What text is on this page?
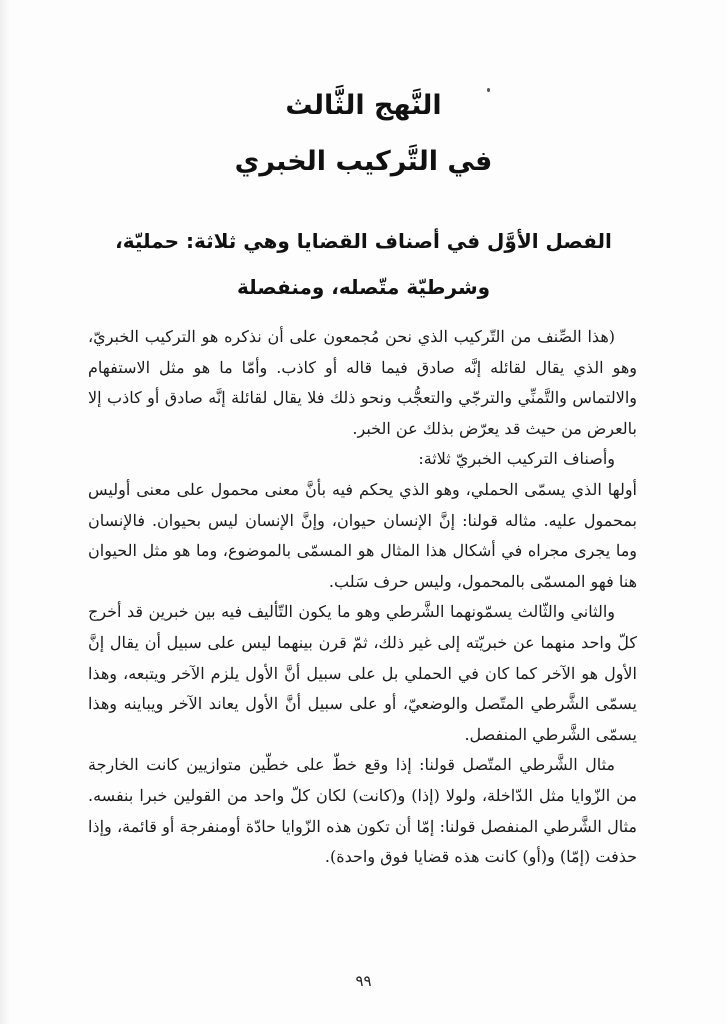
النَّهج الثَّالث
في التَّركيب الخبري
الفصل الأوَّل في أصناف القضايا وهي ثلاثة: حمليّة،
وشرطيّة متّصله، ومنفصلة

(هذا الصِّنف من التّركيب الذي نحن مُجمعون على أن نذكره هو التركيب الخبريّ، وهو الذي يقال لقائله إنَّه صادق فيما قاله أو كاذب. وأمّا ما هو مثل الاستفهام والالتماس والتَّمنِّي والترجّي والتعجُّب ونحو ذلك فلا يقال لقائلة إنَّه صادق أو كاذب إلا بالعرض من حيث قد يعرّض بذلك عن الخبر.

وأصناف التركيب الخبريّ ثلاثة:

أولها الذي يسمّى الحملي، وهو الذي يحكم فيه بأنَّ معنى محمول على معنى أوليس بمحمول عليه. مثاله قولنا: إنَّ الإنسان حيوان، وإنَّ الإنسان ليس بحيوان. فالإنسان وما يجرى مجراه في أشكال هذا المثال هو المسمّى بالموضوع، وما هو مثل الحيوان هنا فهو المسمّى بالمحمول، وليس حرف سَلب.

والثاني والثّالث يسمّونهما الشَّرطي وهو ما يكون التّأليف فيه بين خبرين قد أخرج كلّ واحد منهما عن خبريّته إلى غير ذلك، ثمّ قرن بينهما ليس على سبيل أن يقال إنَّ الأول هو الآخر كما كان في الحملي بل على سبيل أنَّ الأول يلزم الآخر ويتبعه، وهذا يسمّى الشَّرطي المتّصل والوضعيّ، أو على سبيل أنَّ الأول يعاند الآخر ويباينه وهذا يسمّى الشَّرطي المنفصل.

مثال الشَّرطي المتّصل قولنا: إذا وقع خطّ على خطّين متوازيين كانت الخارجة من الزّوايا مثل الدّاخلة، ولولا (إذا) و(كانت) لكان كلّ واحد من القولين خبرا بنفسه. مثال الشَّرطي المنفصل قولنا: إمّا أن تكون هذه الزّوايا حادّة أومنفرجة أو قائمة، وإذا حذفت (إمّا) و(أو) كانت هذه قضايا فوق واحدة).

٩٩
